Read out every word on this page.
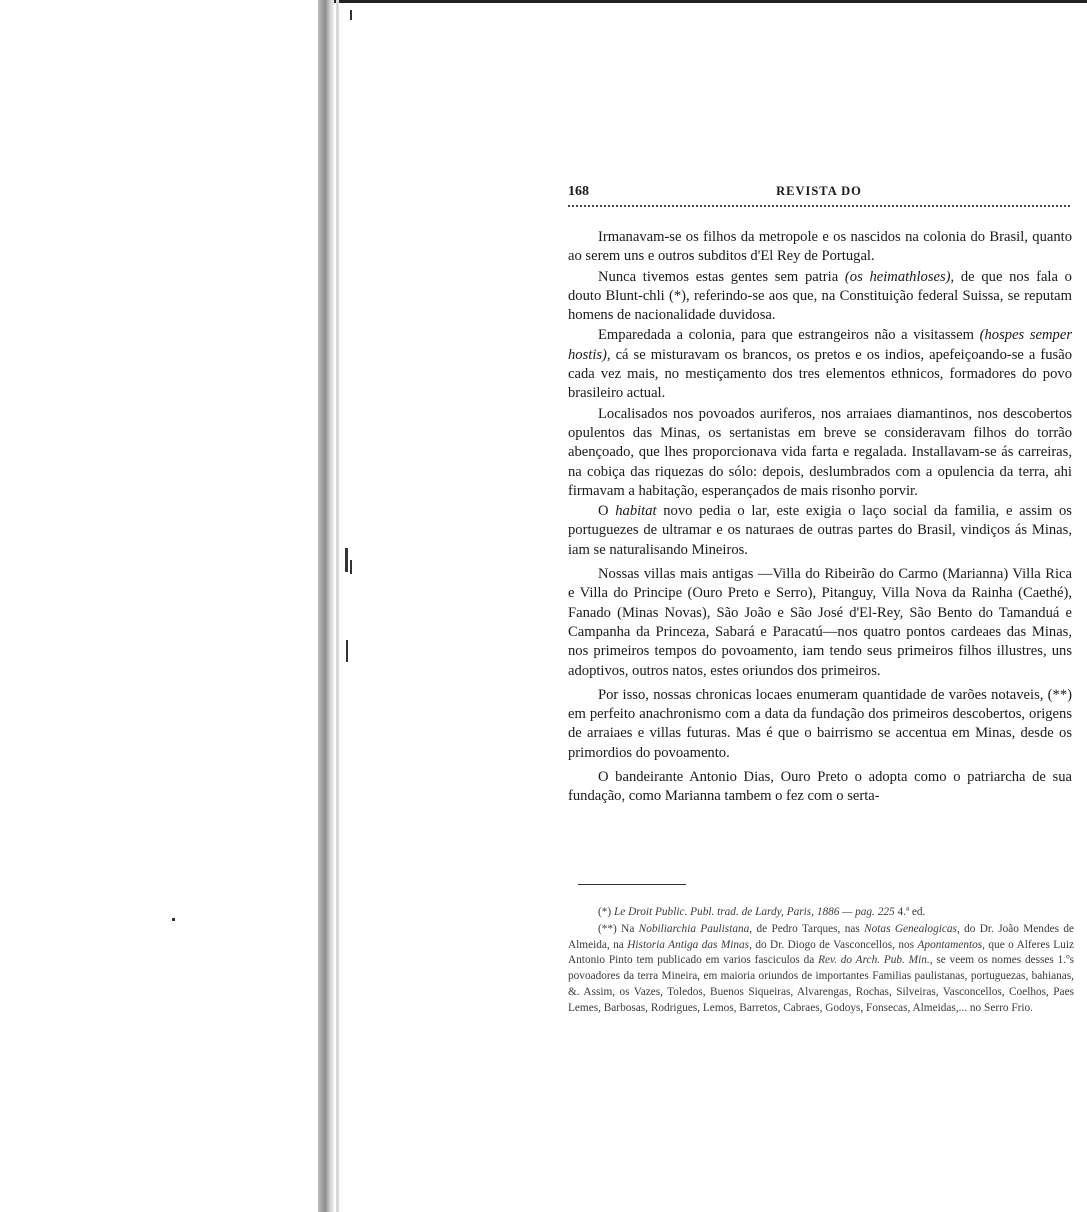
168	REVISTA DO

Irmanavam-se os filhos da metropole e os nascidos na colonia do Brasil, quanto ao serem uns e outros subditos d'El Rey de Portugal.

Nunca tivemos estas gentes sem patria (os heimathloses), de que nos fala o douto Blunt-chli (*), referindo-se aos que, na Constituição federal Suissa, se reputam homens de nacionalidade duvidosa.

Emparedada a colonia, para que estrangeiros não a visitassem (hospes semper hostis), cá se misturavam os brancos, os pretos e os indios, apefeiçoando-se a fusão cada vez mais, no mestiçamento dos tres elementos ethnicos, formadores do povo brasileiro actual.

Localisados nos povoados auriferos, nos arraiaes diamantinos, nos descobertos opulentos das Minas, os sertanistas em breve se consideravam filhos do torrão abençoado, que lhes proporcionava vida farta e regalada. Installavam-se ás carreiras, na cobiça das riquezas do sólo: depois, deslumbrados com a opulencia da terra, ahi firmavam a habitação, esperançados de mais risonho porvir.

O habitat novo pedia o lar, este exigia o laço social da familia, e assim os portuguezes de ultramar e os naturaes de outras partes do Brasil, vindiços ás Minas, iam se naturalisando Mineiros.

Nossas villas mais antigas —Villa do Ribeirão do Carmo (Marianna) Villa Rica e Villa do Principe (Ouro Preto e Serro), Pitanguy, Villa Nova da Rainha (Caethé), Fanado (Minas Novas), São João e São José d'El-Rey, São Bento do Tamanduá e Campanha da Princeza, Sabará e Paracatú—nos quatro pontos cardeaes das Minas, nos primeiros tempos do povoamento, iam tendo seus primeiros filhos illustres, uns adoptivos, outros natos, estes oriundos dos primeiros.

Por isso, nossas chronicas locaes enumeram quantidade de varões notaveis, (**) em perfeito anachronismo com a data da fundação dos primeiros descobertos, origens de arraiaes e villas futuras. Mas é que o bairrismo se accentua em Minas, desde os primordios do povoamento.

O bandeirante Antonio Dias, Ouro Preto o adopta como o patriarcha de sua fundação, como Marianna tambem o fez com o serta-

(*) Le Droit Public. Publ. trad. de Lardy, Paris, 1886 — pag. 225 4.ª ed.

(**) Na Nobiliarchia Paulistana, de Pedro Tarques, nas Notas Genealogicas, do Dr. João Mendes de Almeida, na Historia Antiga das Minas, do Dr. Diogo de Vasconcellos, nos Apontamentos, que o Alferes Luiz Antonio Pinto tem publicado em varios fasciculos da Rev. do Arch. Pub. Min., se veem os nomes desses 1.ºs povoadores da terra Mineira, em maioria oriundos de importantes Familias paulistanas, portuguezas, bahianas, &. Assim, os Vazes, Toledos, Buenos Siqueiras, Alvarengas, Rochas, Silveiras, Vasconcellos, Coelhos, Paes Lemes, Barbosas, Rodrigues, Lemos, Barretos, Cabraes, Godoys, Fonsecas, Almeidas,... no Serro Frio.
